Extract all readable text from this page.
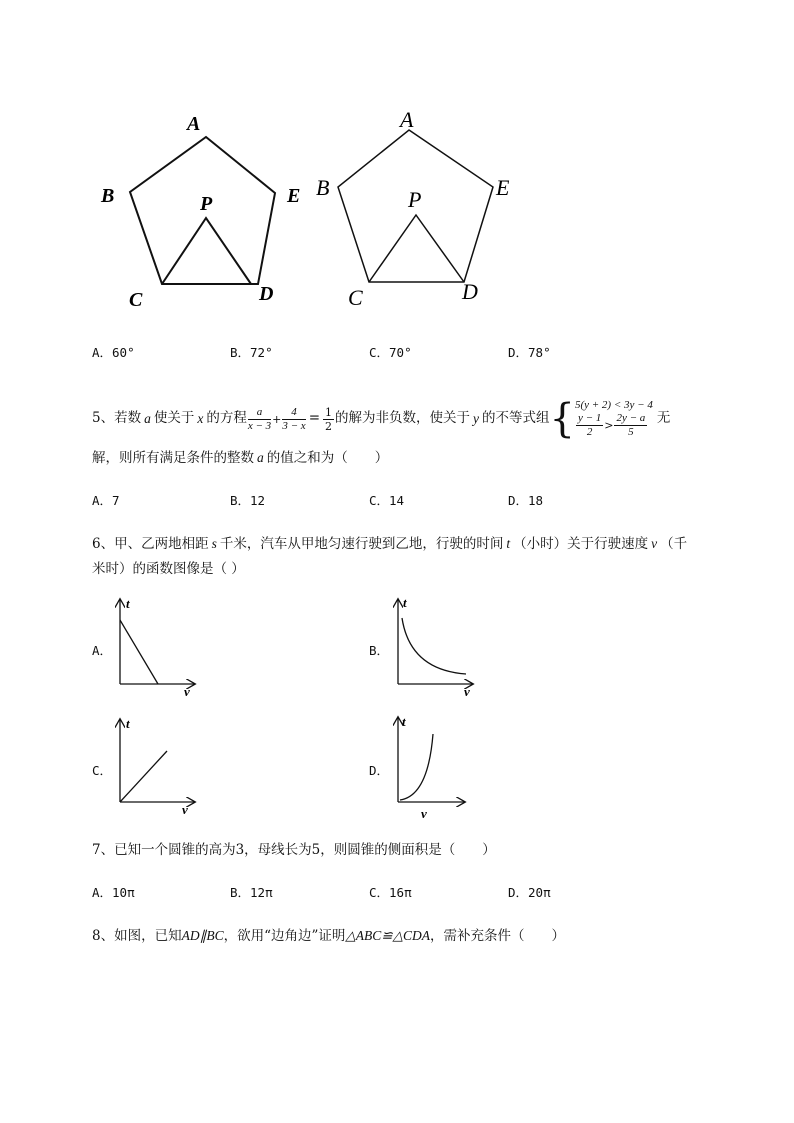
A
B	E
P
C	D
A
B	E
P
C	D
A．60°	B．72°	C．70°	D．78°
5、若数 a 使关于 x 的方程 $\frac{a}{x - 3} + \frac{4}{3 - x} = \frac{1}{2}$ 的解为非负数，使关于 y 的不等式组 { 5(y + 2) < 3y − 4
$\frac{y - 1}{2} > \frac{2y - a}{5}$ 无
解，则所有满足条件的整数 a 的值之和为（　　）
A．7	B．12	C．14	D．18
6、甲、乙两地相距 s 千米，汽车从甲地匀速行驶到乙地，行驶的时间 t （小时）关于行驶速度 v （千
米时）的函数图像是（ ）
A．
t
v
B．
t
v
C．
t
v
D．
t
v
7、已知一个圆锥的高为3，母线长为5，则圆锥的侧面积是（　　）
A．10π	B．12π	C．16π	D．20π
8、如图，已知AD∥BC，欲用“边角边”证明△ABC≌△CDA，需补充条件（　　）
